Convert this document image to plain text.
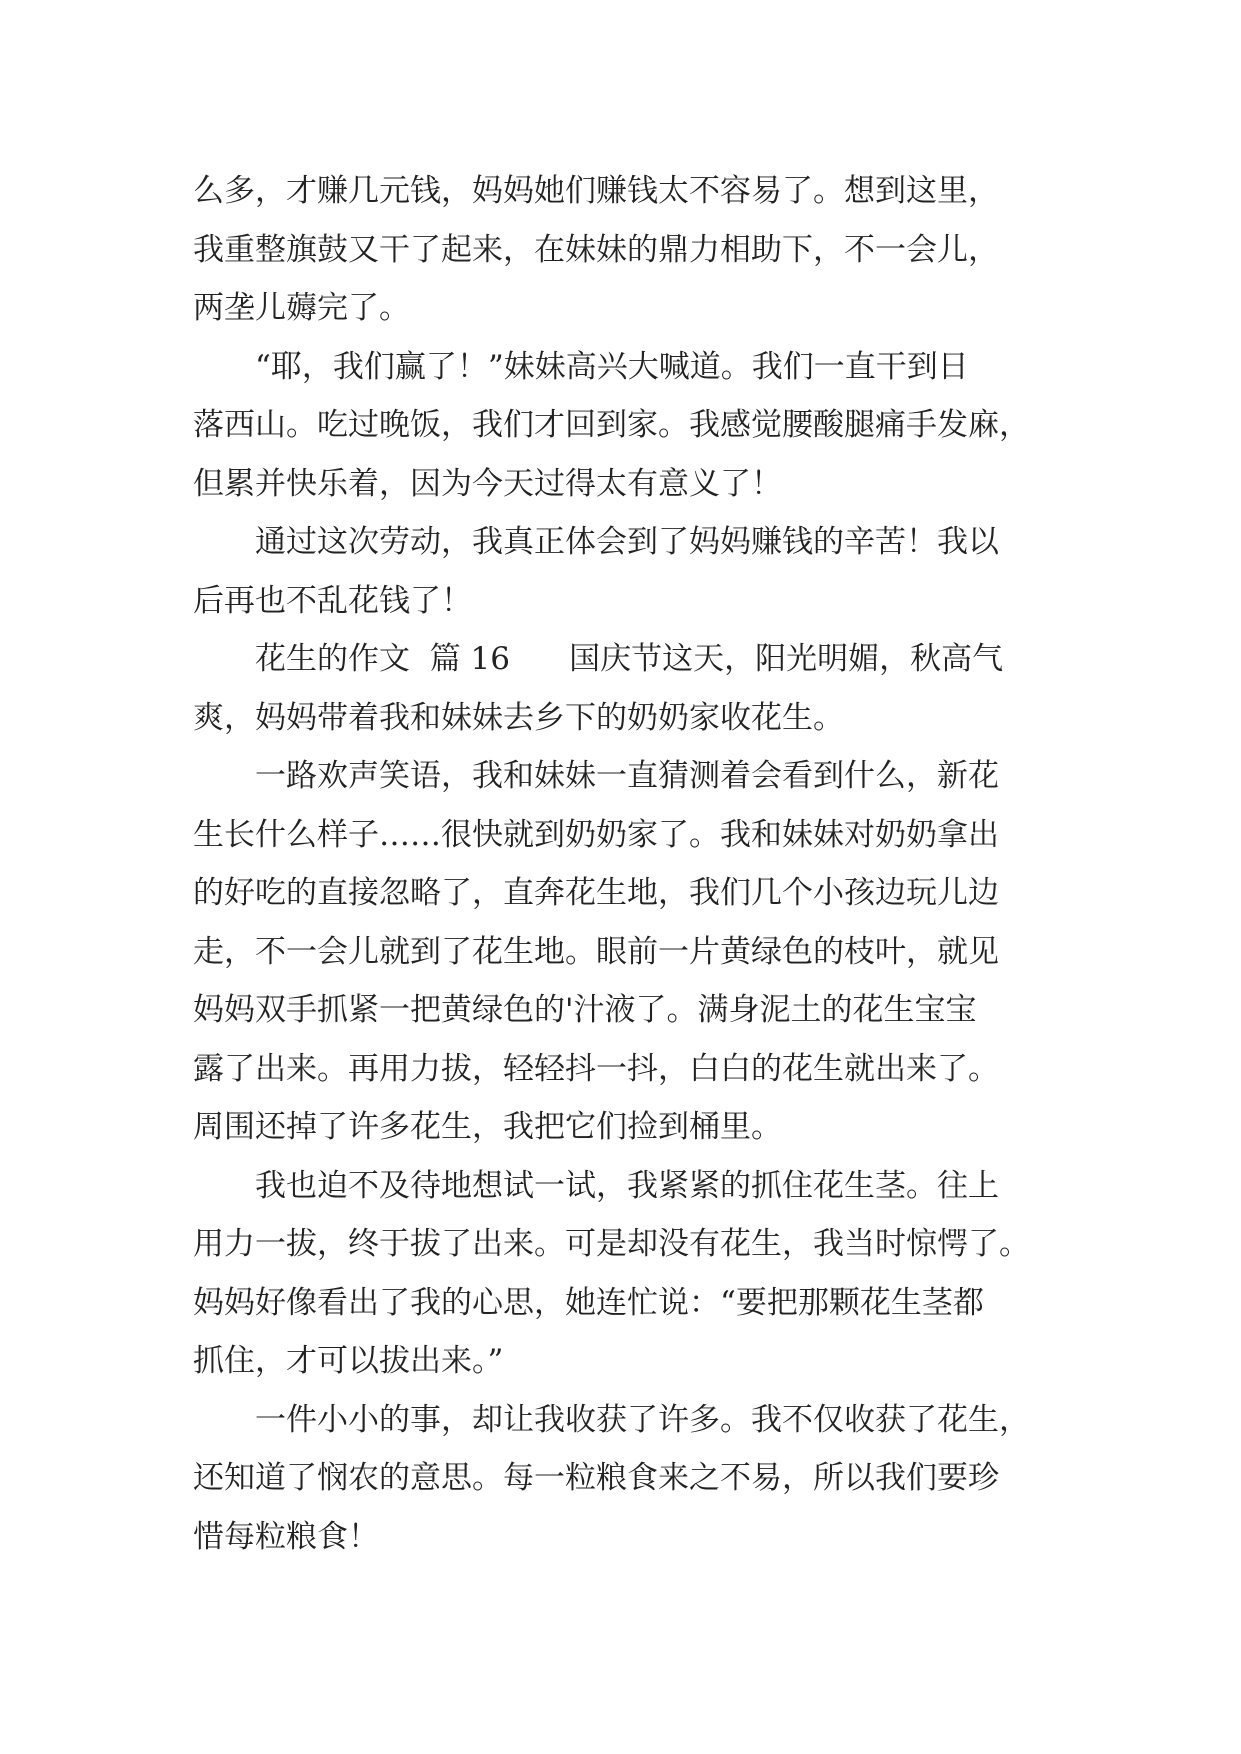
么多，才赚几元钱，妈妈她们赚钱太不容易了。想到这里，
我重整旗鼓又干了起来，在妹妹的鼎力相助下，不一会儿，
两垄儿薅完了。
“耶，我们赢了！”妹妹高兴大喊道。我们一直干到日
落西山。吃过晚饭，我们才回到家。我感觉腰酸腿痛手发麻，
但累并快乐着，因为今天过得太有意义了！
通过这次劳动，我真正体会到了妈妈赚钱的辛苦！我以
后再也不乱花钱了！
花生的作文  篇 16      国庆节这天，阳光明媚，秋高气
爽，妈妈带着我和妹妹去乡下的奶奶家收花生。
一路欢声笑语，我和妹妹一直猜测着会看到什么，新花
生长什么样子……很快就到奶奶家了。我和妹妹对奶奶拿出
的好吃的直接忽略了，直奔花生地，我们几个小孩边玩儿边
走，不一会儿就到了花生地。眼前一片黄绿色的枝叶，就见
妈妈双手抓紧一把黄绿色的'汁液了。满身泥土的花生宝宝
露了出来。再用力拔，轻轻抖一抖，白白的花生就出来了。
周围还掉了许多花生，我把它们捡到桶里。
我也迫不及待地想试一试，我紧紧的抓住花生茎。往上
用力一拔，终于拔了出来。可是却没有花生，我当时惊愕了。
妈妈好像看出了我的心思，她连忙说：“要把那颗花生茎都
抓住，才可以拔出来。”
一件小小的事，却让我收获了许多。我不仅收获了花生，
还知道了悯农的意思。每一粒粮食来之不易，所以我们要珍
惜每粒粮食！
